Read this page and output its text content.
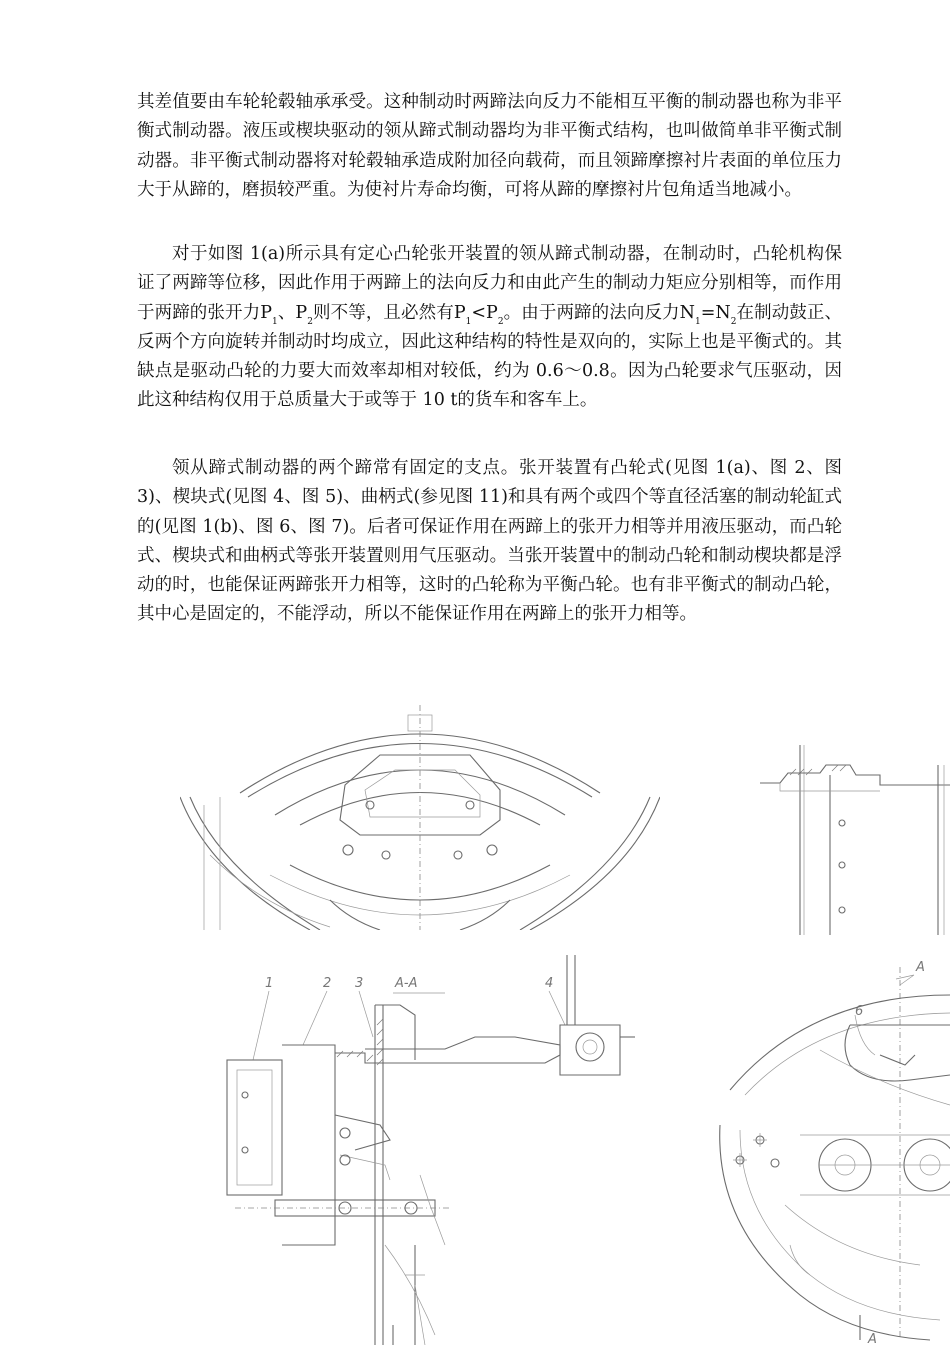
其差值要由车轮轮毂轴承承受。这种制动时两蹄法向反力不能相互平衡的制动器也称为非平衡式制动器。液压或楔块驱动的领从蹄式制动器均为非平衡式结构，也叫做简单非平衡式制动器。非平衡式制动器将对轮毂轴承造成附加径向载荷，而且领蹄摩擦衬片表面的单位压力大于从蹄的，磨损较严重。为使衬片寿命均衡，可将从蹄的摩擦衬片包角适当地减小。

对于如图 1(a)所示具有定心凸轮张开装置的领从蹄式制动器，在制动时，凸轮机构保证了两蹄等位移，因此作用于两蹄上的法向反力和由此产生的制动力矩应分别相等，而作用于两蹄的张开力$P_1$、$P_2$则不等，且必然有$P_1<P_2$。由于两蹄的法向反力$N_1=N_2$在制动鼓正、反两个方向旋转并制动时均成立，因此这种结构的特性是双向的，实际上也是平衡式的。其缺点是驱动凸轮的力要大而效率却相对较低，约为 0.6～0.8。因为凸轮要求气压驱动，因此这种结构仅用于总质量大于或等于 10 t的货车和客车上。

领从蹄式制动器的两个蹄常有固定的支点。张开装置有凸轮式(见图 1(a)、图 2、图 3)、楔块式(见图 4、图 5)、曲柄式(参见图 11)和具有两个或四个等直径活塞的制动轮缸式的(见图 1(b)、图 6、图 7)。后者可保证作用在两蹄上的张开力相等并用液压驱动，而凸轮式、楔块式和曲柄式等张开装置则用气压驱动。当张开装置中的制动凸轮和制动楔块都是浮动的时，也能保证两蹄张开力相等，这时的凸轮称为平衡凸轮。也有非平衡式的制动凸轮，其中心是固定的，不能浮动，所以不能保证作用在两蹄上的张开力相等。

1	2 3 A-A	4
6
A
A
